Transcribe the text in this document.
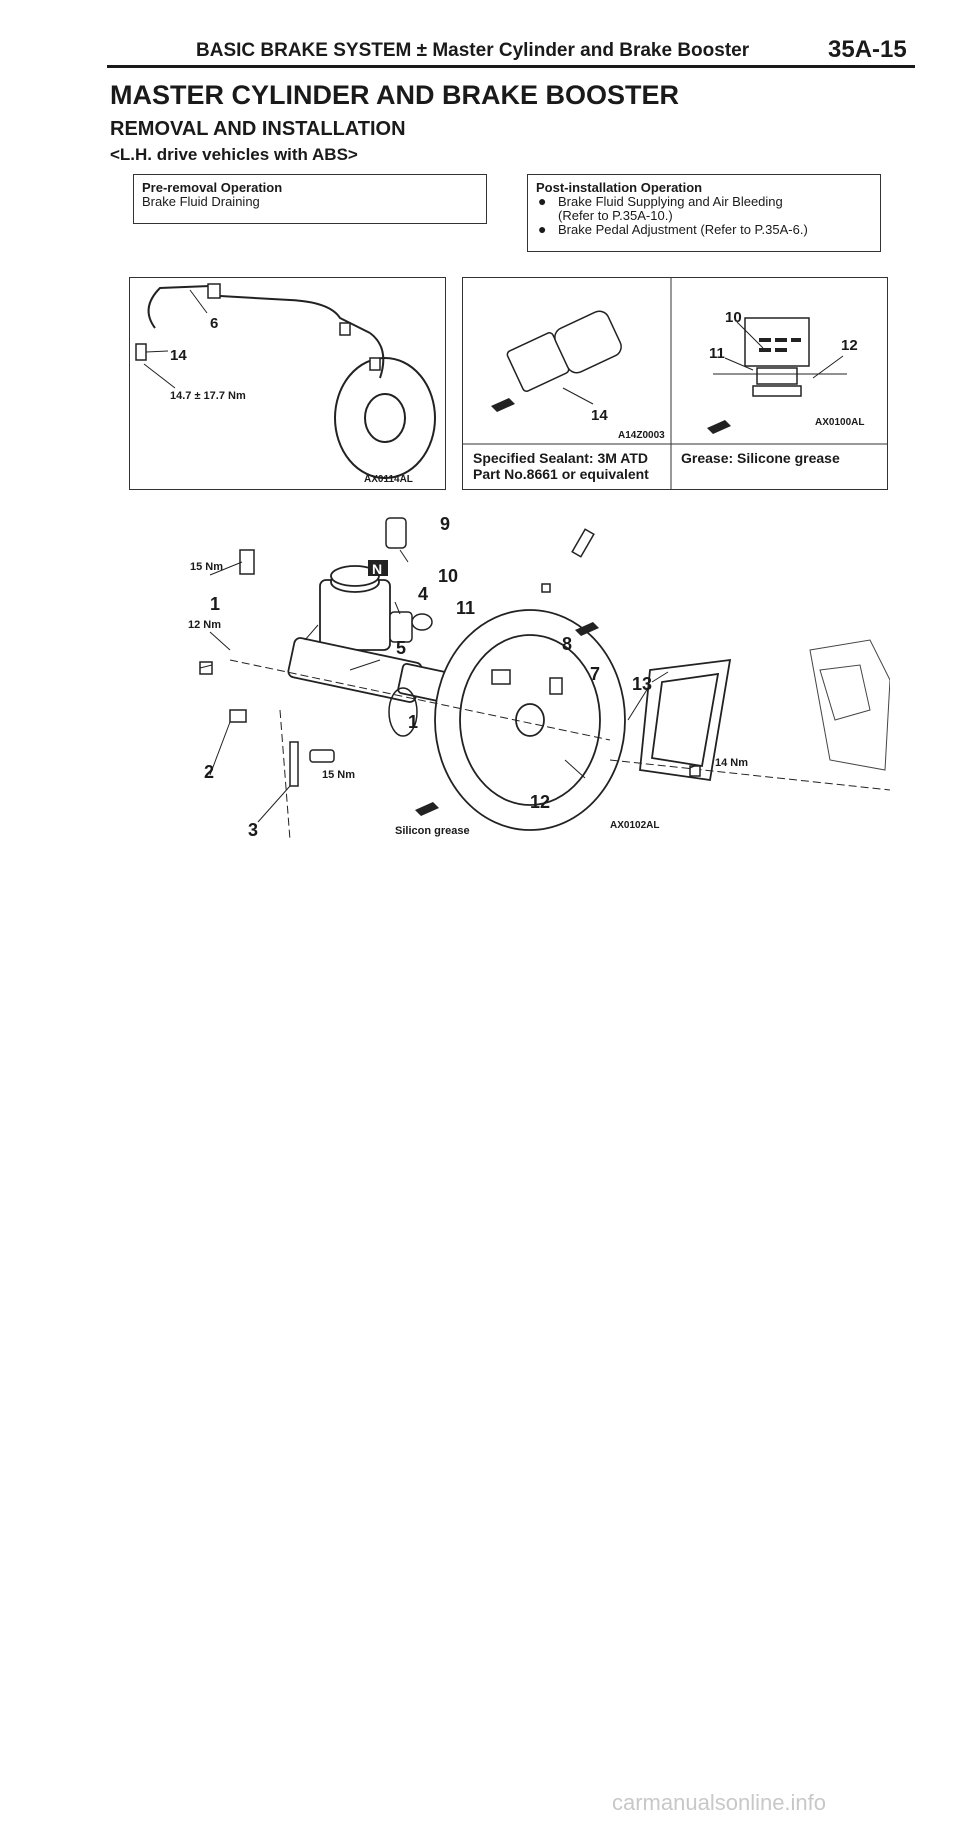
BASIC BRAKE SYSTEM ± Master Cylinder and Brake Booster	35A-15
MASTER CYLINDER AND BRAKE BOOSTER
REMOVAL AND INSTALLATION
<L.H. drive vehicles with ABS>
Pre-removal Operation
Brake Fluid Draining
Post-installation Operation
● Brake Fluid Supplying and Air Bleeding
(Refer to P.35A-10.)
● Brake Pedal Adjustment (Refer to P.35A-6.)
6
14
14.7 ± 17.7 Nm
AX0114AL
14
A14Z0003
10
11	12
AX0100AL
Specified Sealant: 3M ATD
Part No.8661 or equivalent
Grease: Silicone grease
N
15 Nm
1
12 Nm
2
3
15 Nm
4
5
1
9
10
11
8
7 13
12
14 Nm
Silicon grease	AX0102AL
carmanualsonline.info
